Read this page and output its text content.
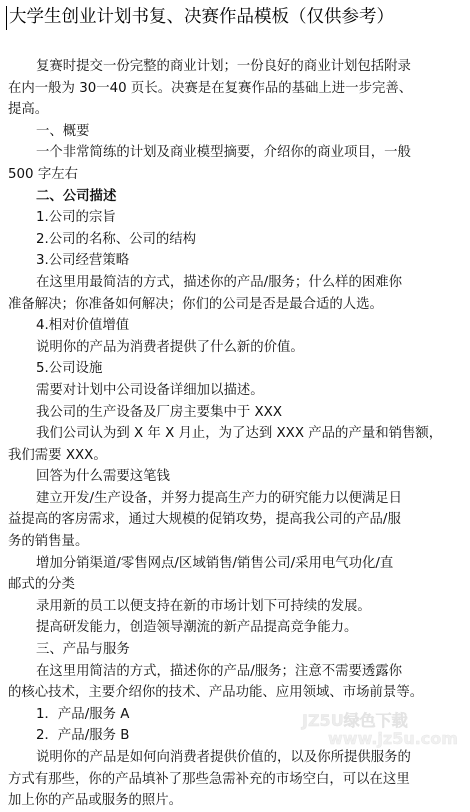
大学生创业计划书复、决赛作品模板（仅供参考）
复赛时提交一份完整的商业计划；一份良好的商业计划包括附录
在内一般为 30一40 页长。决赛是在复赛作品的基础上进一步完善、
提高。
一、概要
一个非常简练的计划及商业模型摘要，介绍你的商业项目，一般
500 字左右
二、公司描述
1.公司的宗旨
2.公司的名称、公司的结构
3.公司经营策略
在这里用最简洁的方式，描述你的产品/服务；什么样的困难你
准备解决；你准备如何解决；你们的公司是否是最合适的人选。
4.相对价值增值
说明你的产品为消费者提供了什么新的价值。
5.公司设施
需要对计划中公司设备详细加以描述。
我公司的生产设备及厂房主要集中于 XXX
我们公司认为到 X 年 X 月止，为了达到 XXX 产品的产量和销售额，
我们需要 XXX。
回答为什么需要这笔钱
建立开发/生产设备，并努力提高生产力的研究能力以便满足日
益提高的客房需求，通过大规模的促销攻势，提高我公司的产品/服
务的销售量。
增加分销渠道/零售网点/区域销售/销售公司/采用电气功化/直
邮式的分类
录用新的员工以便支持在新的市场计划下可持续的发展。
提高研发能力，创造领导潮流的新产品提高竞争能力。
三、产品与服务
在这里用简洁的方式，描述你的产品/服务；注意不需要透露你
的核心技术，主要介绍你的技术、产品功能、应用领域、市场前景等。
1．产品/服务 A
2．产品/服务 B
说明你的产品是如何向消费者提供价值的，以及你所提供服务的
方式有那些，你的产品填补了那些急需补充的市场空白，可以在这里
加上你的产品或服务的照片。
JZ5U绿色下载
www.jz5u.com
